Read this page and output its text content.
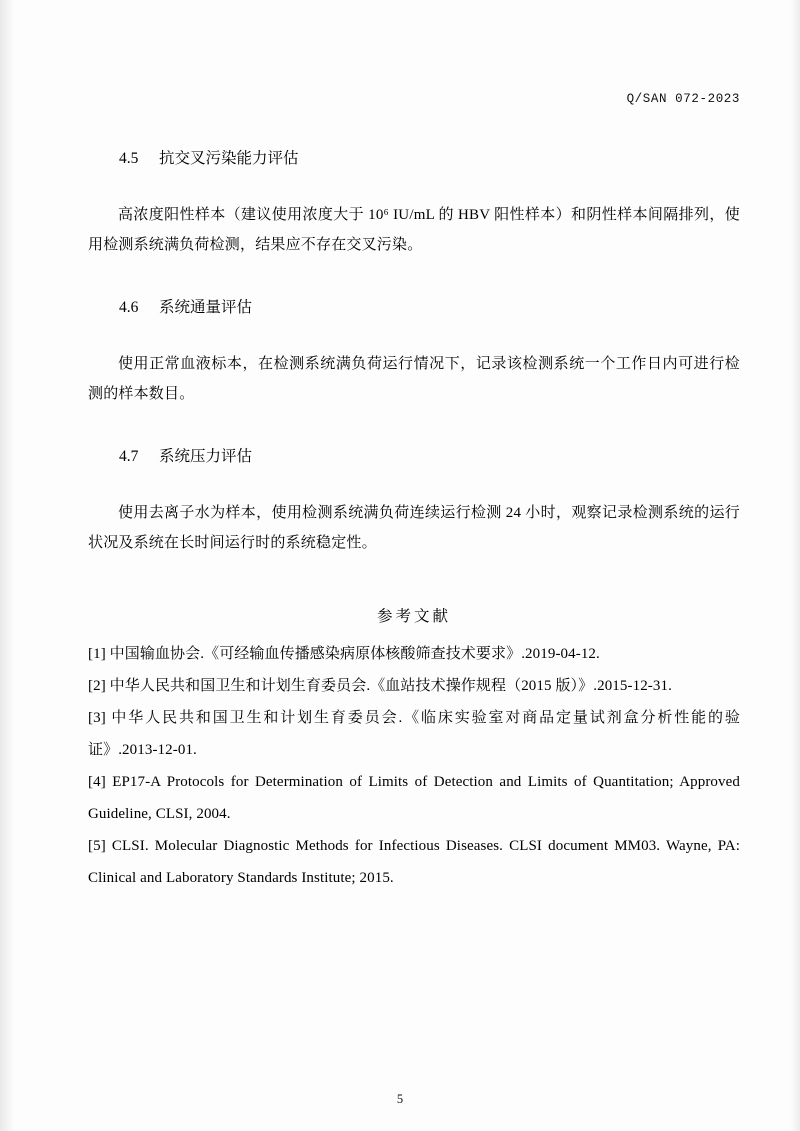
Q/SAN 072-2023

4.5 抗交叉污染能力评估

高浓度阳性样本（建议使用浓度大于 10⁶ IU/mL 的 HBV 阳性样本）和阴性样本间隔排列，使用检测系统满负荷检测，结果应不存在交叉污染。

4.6 系统通量评估

使用正常血液标本，在检测系统满负荷运行情况下，记录该检测系统一个工作日内可进行检测的样本数目。

4.7 系统压力评估

使用去离子水为样本，使用检测系统满负荷连续运行检测 24 小时，观察记录检测系统的运行状况及系统在长时间运行时的系统稳定性。

参考文献

[1] 中国输血协会.《可经输血传播感染病原体核酸筛查技术要求》.2019-04-12.

[2] 中华人民共和国卫生和计划生育委员会.《血站技术操作规程（2015 版）》.2015-12-31.

[3] 中华人民共和国卫生和计划生育委员会.《临床实验室对商品定量试剂盒分析性能的验证》.2013-12-01.

[4] EP17-A Protocols for Determination of Limits of Detection and Limits of Quantitation; Approved Guideline, CLSI, 2004.

[5] CLSI. Molecular Diagnostic Methods for Infectious Diseases. CLSI document MM03. Wayne, PA: Clinical and Laboratory Standards Institute; 2015.

5
